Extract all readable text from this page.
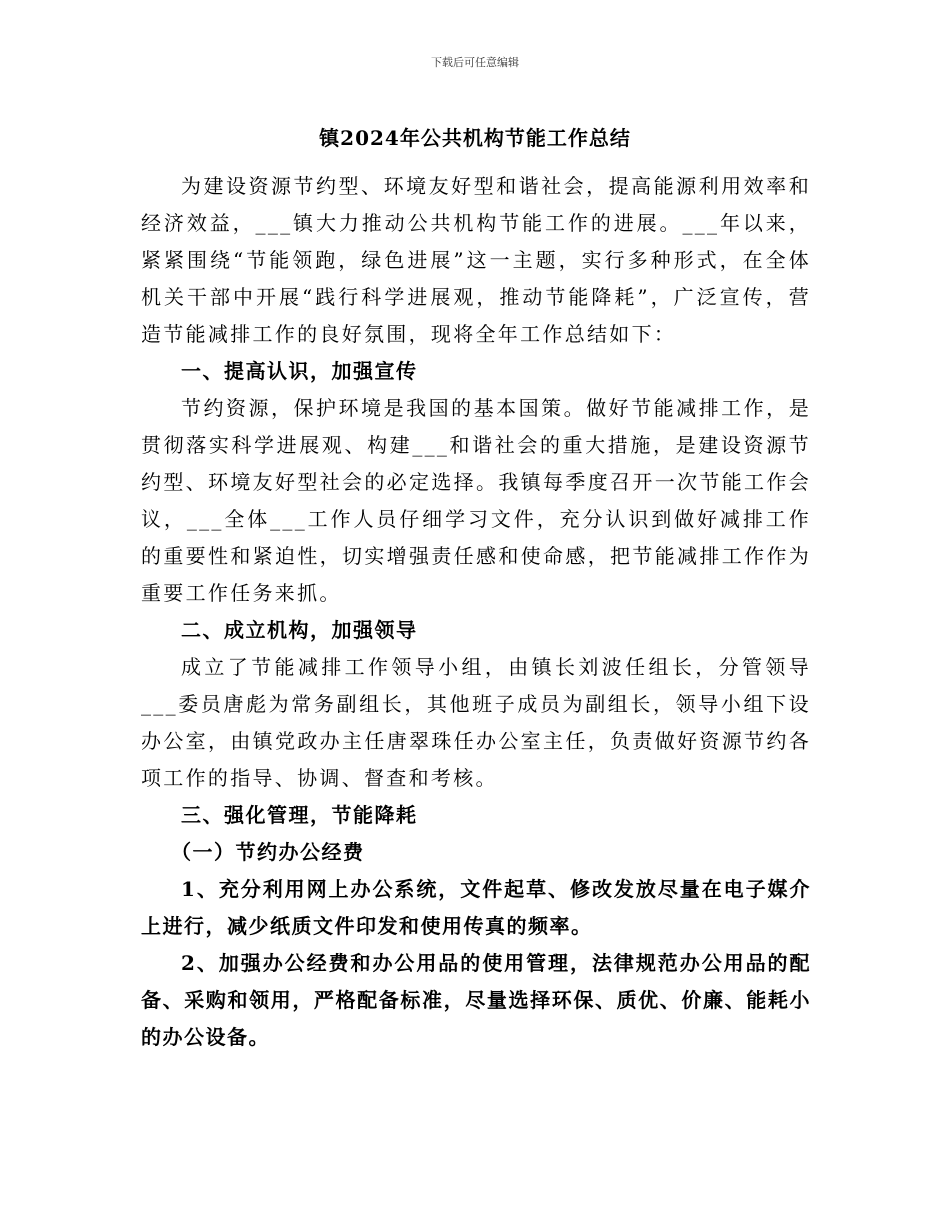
下载后可任意编辑
镇2024年公共机构节能工作总结

为建设资源节约型、环境友好型和谐社会，提高能源利用效率和经济效益，___镇大力推动公共机构节能工作的进展。___年以来，紧紧围绕“节能领跑，绿色进展”这一主题，实行多种形式，在全体机关干部中开展“践行科学进展观，推动节能降耗”，广泛宣传，营造节能减排工作的良好氛围，现将全年工作总结如下：

一、提高认识，加强宣传

节约资源，保护环境是我国的基本国策。做好节能减排工作，是贯彻落实科学进展观、构建___和谐社会的重大措施，是建设资源节约型、环境友好型社会的必定选择。我镇每季度召开一次节能工作会议，___全体___工作人员仔细学习文件，充分认识到做好减排工作的重要性和紧迫性，切实增强责任感和使命感，把节能减排工作作为重要工作任务来抓。

二、成立机构，加强领导

成立了节能减排工作领导小组，由镇长刘波任组长，分管领导___委员唐彪为常务副组长，其他班子成员为副组长，领导小组下设办公室，由镇党政办主任唐翠珠任办公室主任，负责做好资源节约各项工作的指导、协调、督查和考核。

三、强化管理，节能降耗

（一）节约办公经费

1、充分利用网上办公系统，文件起草、修改发放尽量在电子媒介上进行，减少纸质文件印发和使用传真的频率。

2、加强办公经费和办公用品的使用管理，法律规范办公用品的配备、采购和领用，严格配备标准，尽量选择环保、质优、价廉、能耗小的办公设备。
